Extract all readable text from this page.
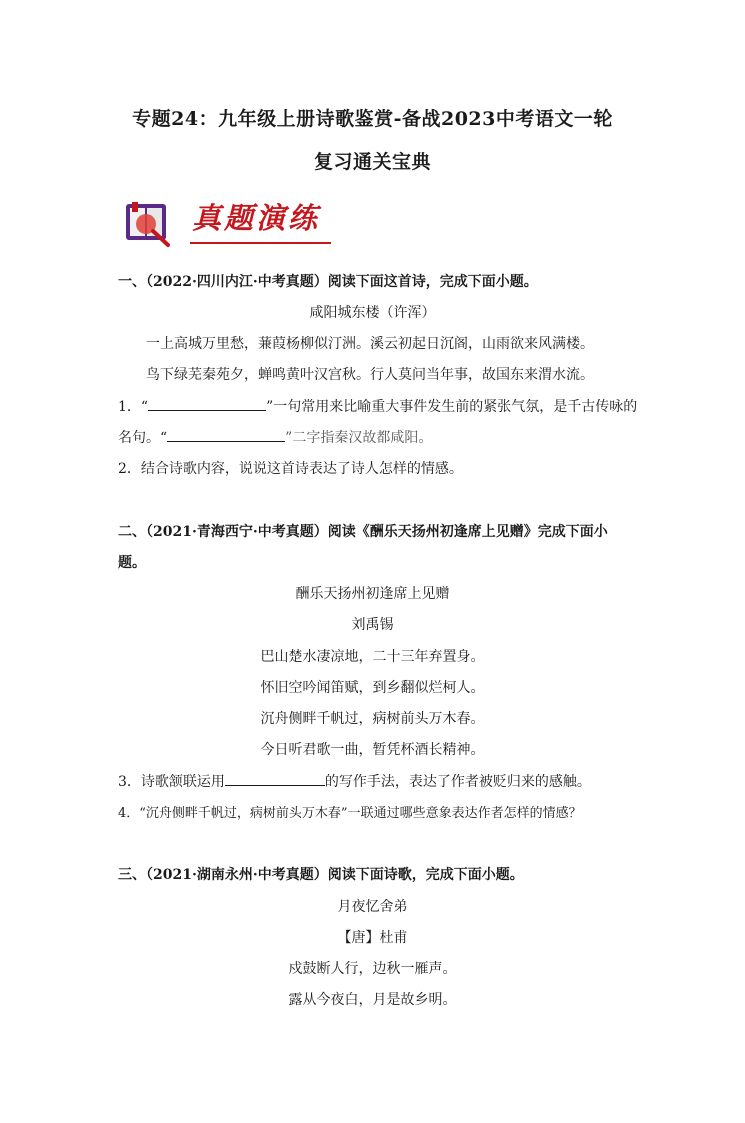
专题24：九年级上册诗歌鉴赏-备战2023中考语文一轮
复习通关宝典
真题演练
一、（2022·四川内江·中考真题）阅读下面这首诗，完成下面小题。
咸阳城东楼（许浑）
一上高城万里愁，蒹葭杨柳似汀洲。溪云初起日沉阁，山雨欲来风满楼。
鸟下绿芜秦苑夕，蝉鸣黄叶汉宫秋。行人莫问当年事，故国东来渭水流。
1．“	”一句常用来比喻重大事件发生前的紧张气氛，是千古传咏的
名句。“	”二字指秦汉故都咸阳。
2．结合诗歌内容，说说这首诗表达了诗人怎样的情感。
二、（2021·青海西宁·中考真题）阅读《酬乐天扬州初逢席上见赠》完成下面小
题。
酬乐天扬州初逢席上见赠
刘禹锡
巴山楚水凄凉地，二十三年弃置身。
怀旧空吟闻笛赋，到乡翻似烂柯人。
沉舟侧畔千帆过，病树前头万木春。
今日听君歌一曲，暂凭杯酒长精神。
3．诗歌颔联运用	的写作手法，表达了作者被贬归来的感触。
4．“沉舟侧畔千帆过，病树前头万木春”一联通过哪些意象表达作者怎样的情感？
三、（2021·湖南永州·中考真题）阅读下面诗歌，完成下面小题。
月夜忆舍弟
【唐】杜甫
戍鼓断人行，边秋一雁声。
露从今夜白，月是故乡明。
